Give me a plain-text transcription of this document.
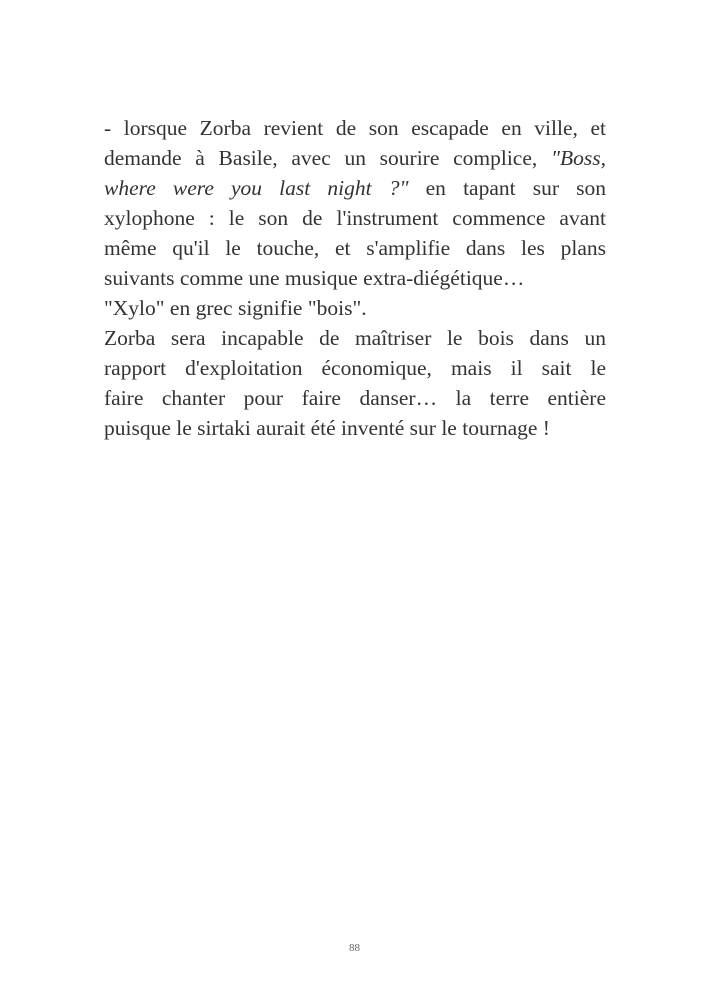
- lorsque Zorba revient de son escapade en ville, et
demande à Basile, avec un sourire complice, "Boss,
where were you last night ?" en tapant sur son
xylophone : le son de l'instrument commence avant
même qu'il le touche, et s'amplifie dans les plans
suivants comme une musique extra-diégétique…
"Xylo" en grec signifie "bois".
Zorba sera incapable de maîtriser le bois dans un
rapport d'exploitation économique, mais il sait le
faire chanter pour faire danser… la terre entière
puisque le sirtaki aurait été inventé sur le tournage !
88
